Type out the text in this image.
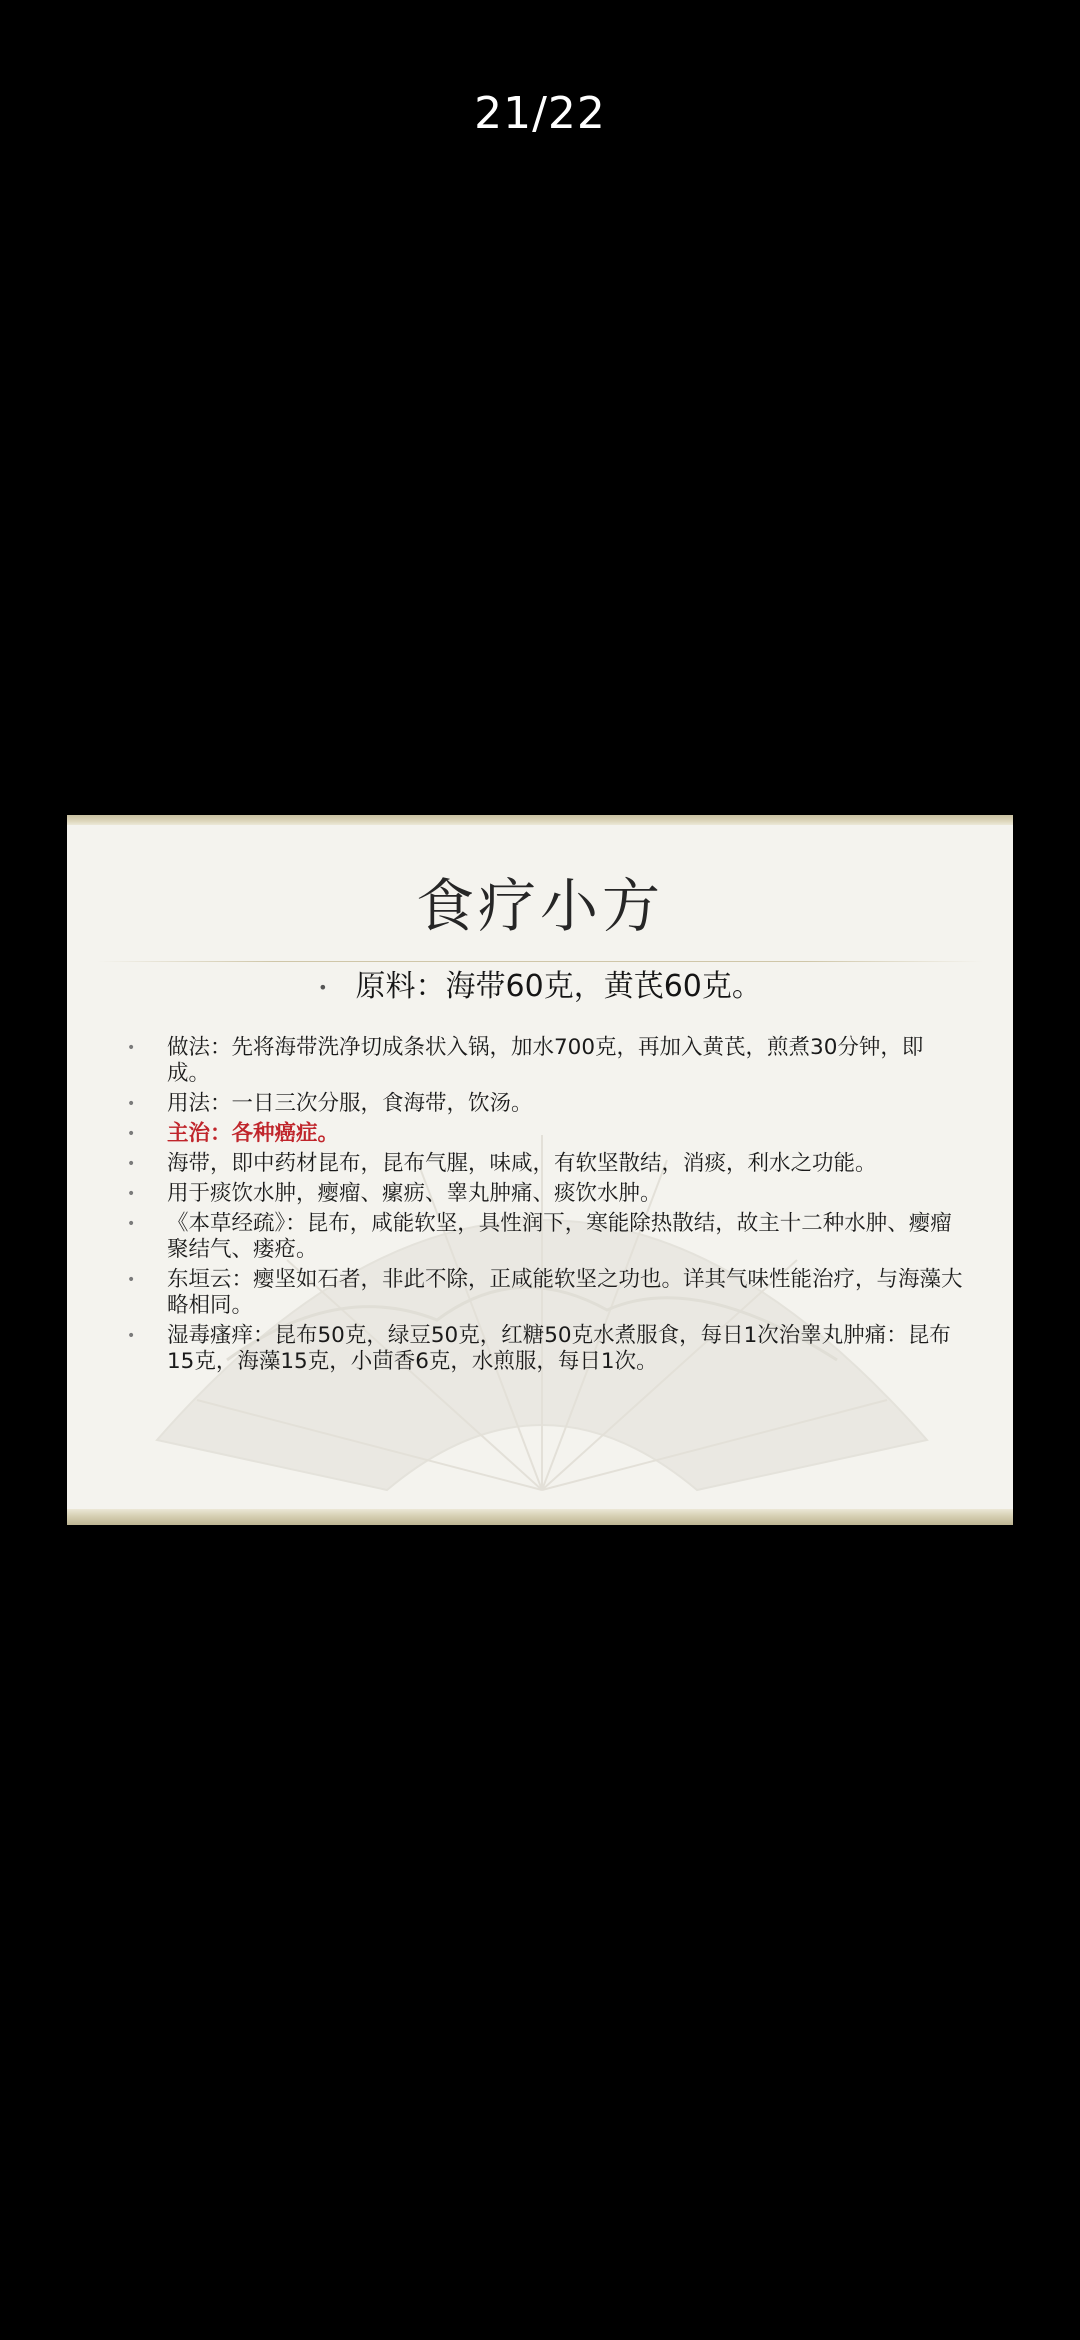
21/22
食疗小方
• 原料：海带60克，黄芪60克。
• 做法：先将海带洗净切成条状入锅，加水700克，再加入黄芪，煎煮30分钟，即成。
• 用法：一日三次分服，食海带，饮汤。
• 主治：各种癌症。
• 海带，即中药材昆布，昆布气腥，味咸，有软坚散结，消痰，利水之功能。
• 用于痰饮水肿，瘿瘤、瘰疬、睾丸肿痛、痰饮水肿。
• 《本草经疏》：昆布，咸能软坚，具性润下，寒能除热散结，故主十二种水肿、瘿瘤聚结气、瘘疮。
• 东垣云：瘿坚如石者，非此不除，正咸能软坚之功也。详其气味性能治疗，与海藻大略相同。
• 湿毒瘙痒：昆布50克，绿豆50克，红糖50克水煮服食，每日1次治睾丸肿痛：昆布15克，海藻15克，小茴香6克，水煎服，每日1次。
